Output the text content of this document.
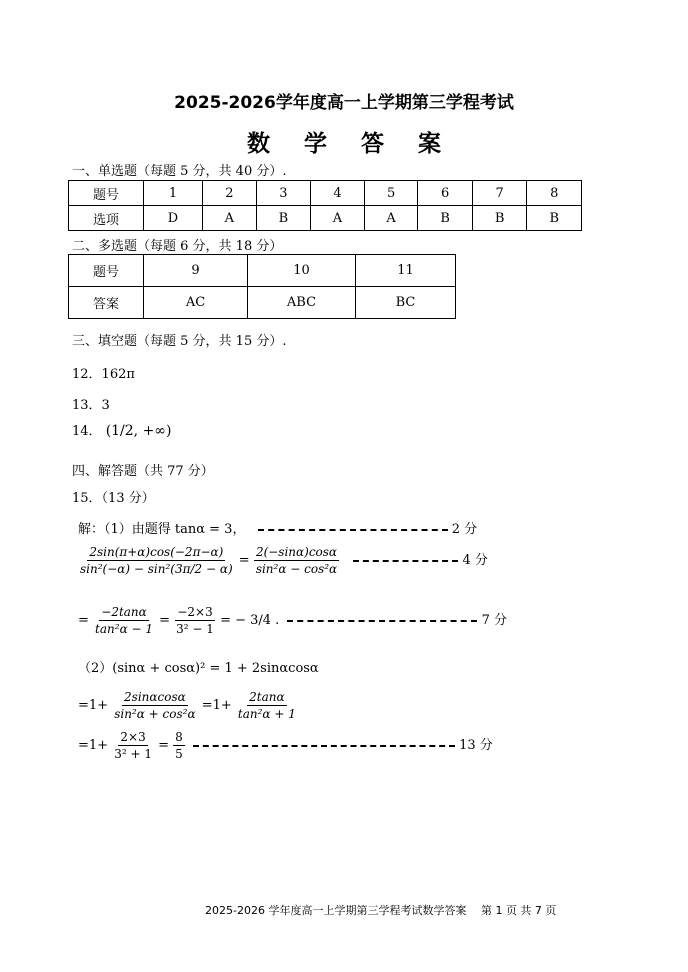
2025-2026学年度高一上学期第三学程考试
数学答案
一、单选题（每题 5 分，共 40 分）.
题号	1	2	3	4	5	6	7	8
选项	D	A	B	A	A	B	B	B
二、多选题（每题 6 分，共 18 分）
题号	9	10	11
答案	AC	ABC	BC
三、填空题（每题 5 分，共 15 分）.
12．162π
13．3
14． (1/2, +∞)
四、解答题（共 77 分）
15．（13 分）
解：（1）由题得 tanα = 3，	2 分
$\frac{2\sin(\pi+\alpha)\cos(-2\pi-\alpha)}{\text{sin²(−α) − sin²(3π/2 − α)}} = \frac{2(-\sin\alpha)\cos\alpha}{\text{sin²α − cos²α}}$	4 分
= $\frac{-2\tan\alpha}{\text{tan²α − 1}} = \frac{-2\times 3}{\text{3² − 1}}$ = − 3/4 .	7 分
（2）(sinα + cosα)² = 1 + 2sinαcosα
$=1+ \frac{2\sin\alpha\cos\alpha}{\text{sin²α + cos²α}} =1+ \frac{2\tan\alpha}{\text{tan²α + 1}}$
$=1+ \frac{2\times 3}{\text{3² + 1}} = \frac{8}{5}$	13 分
2025-2026 学年度高一上学期第三学程考试数学答案　 第 1 页 共 7 页
